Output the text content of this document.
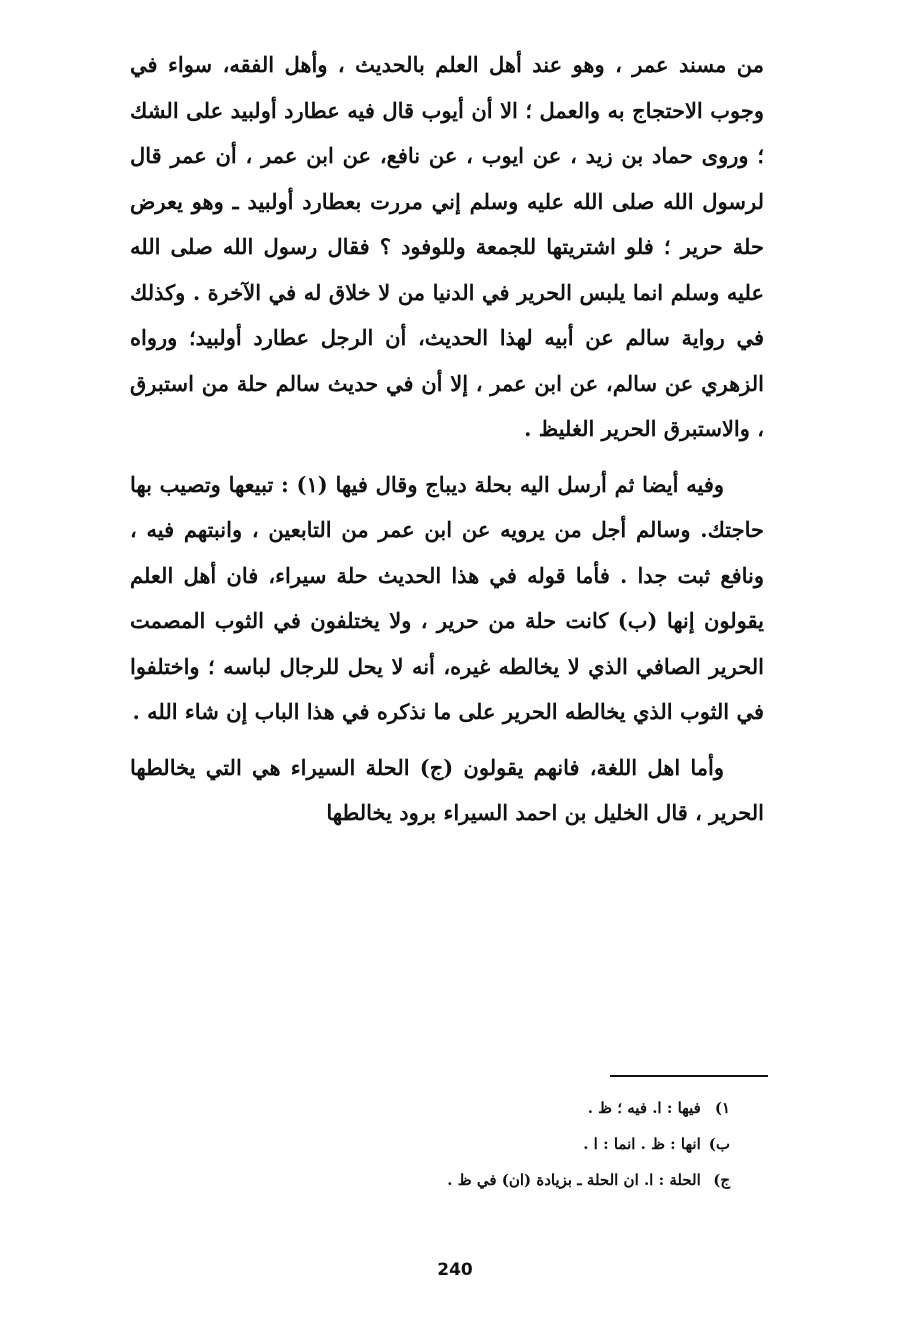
من مسند عمر ، وهو عند أهل العلم بالحديث ، وأهل الفقه، سواء في وجوب الاحتجاج به والعمل ؛ الا أن أيوب قال فيه عطارد أولبيد على الشك ؛ وروى حماد بن زيد ، عن ايوب ، عن نافع، عن ابن عمر ، أن عمر قال لرسول الله صلى الله عليه وسلم إني مررت بعطارد أولبيد ـ وهو يعرض حلة حرير ؛ فلو اشتريتها للجمعة وللوفود ؟ فقال رسول الله صلى الله عليه وسلم انما يلبس الحرير في الدنيا من لا خلاق له في الآخرة . وكذلك في رواية سالم عن أبيه لهذا الحديث، أن الرجل عطارد أولبيد؛ ورواه الزهري عن سالم، عن ابن عمر ، إلا أن في حديث سالم حلة من استبرق ، والاستبرق الحرير الغليظ .

وفيه أيضا ثم أرسل اليه بحلة ديباج وقال فيها (١) : تبيعها وتصيب بها حاجتك. وسالم أجل من يرويه عن ابن عمر من التابعين ، وانبتهم فيه ، ونافع ثبت جدا . فأما قوله في هذا الحديث حلة سيراء، فان أهل العلم يقولون إنها (ب) كانت حلة من حرير ، ولا يختلفون في الثوب المصمت الحرير الصافي الذي لا يخالطه غيره، أنه لا يحل للرجال لباسه ؛ واختلفوا في الثوب الذي يخالطه الحرير على ما نذكره في هذا الباب إن شاء الله .

وأما اهل اللغة، فانهم يقولون (ج) الحلة السيراء هي التي يخالطها الحرير ، قال الخليل بن احمد السيراء برود يخالطها

١) فيها : ا. فيه ؛ ظ .
ب) انها : ظ . انما : ا .
ج) الحلة : ا. ان الحلة ـ بزيادة (ان) في ظ .
240
